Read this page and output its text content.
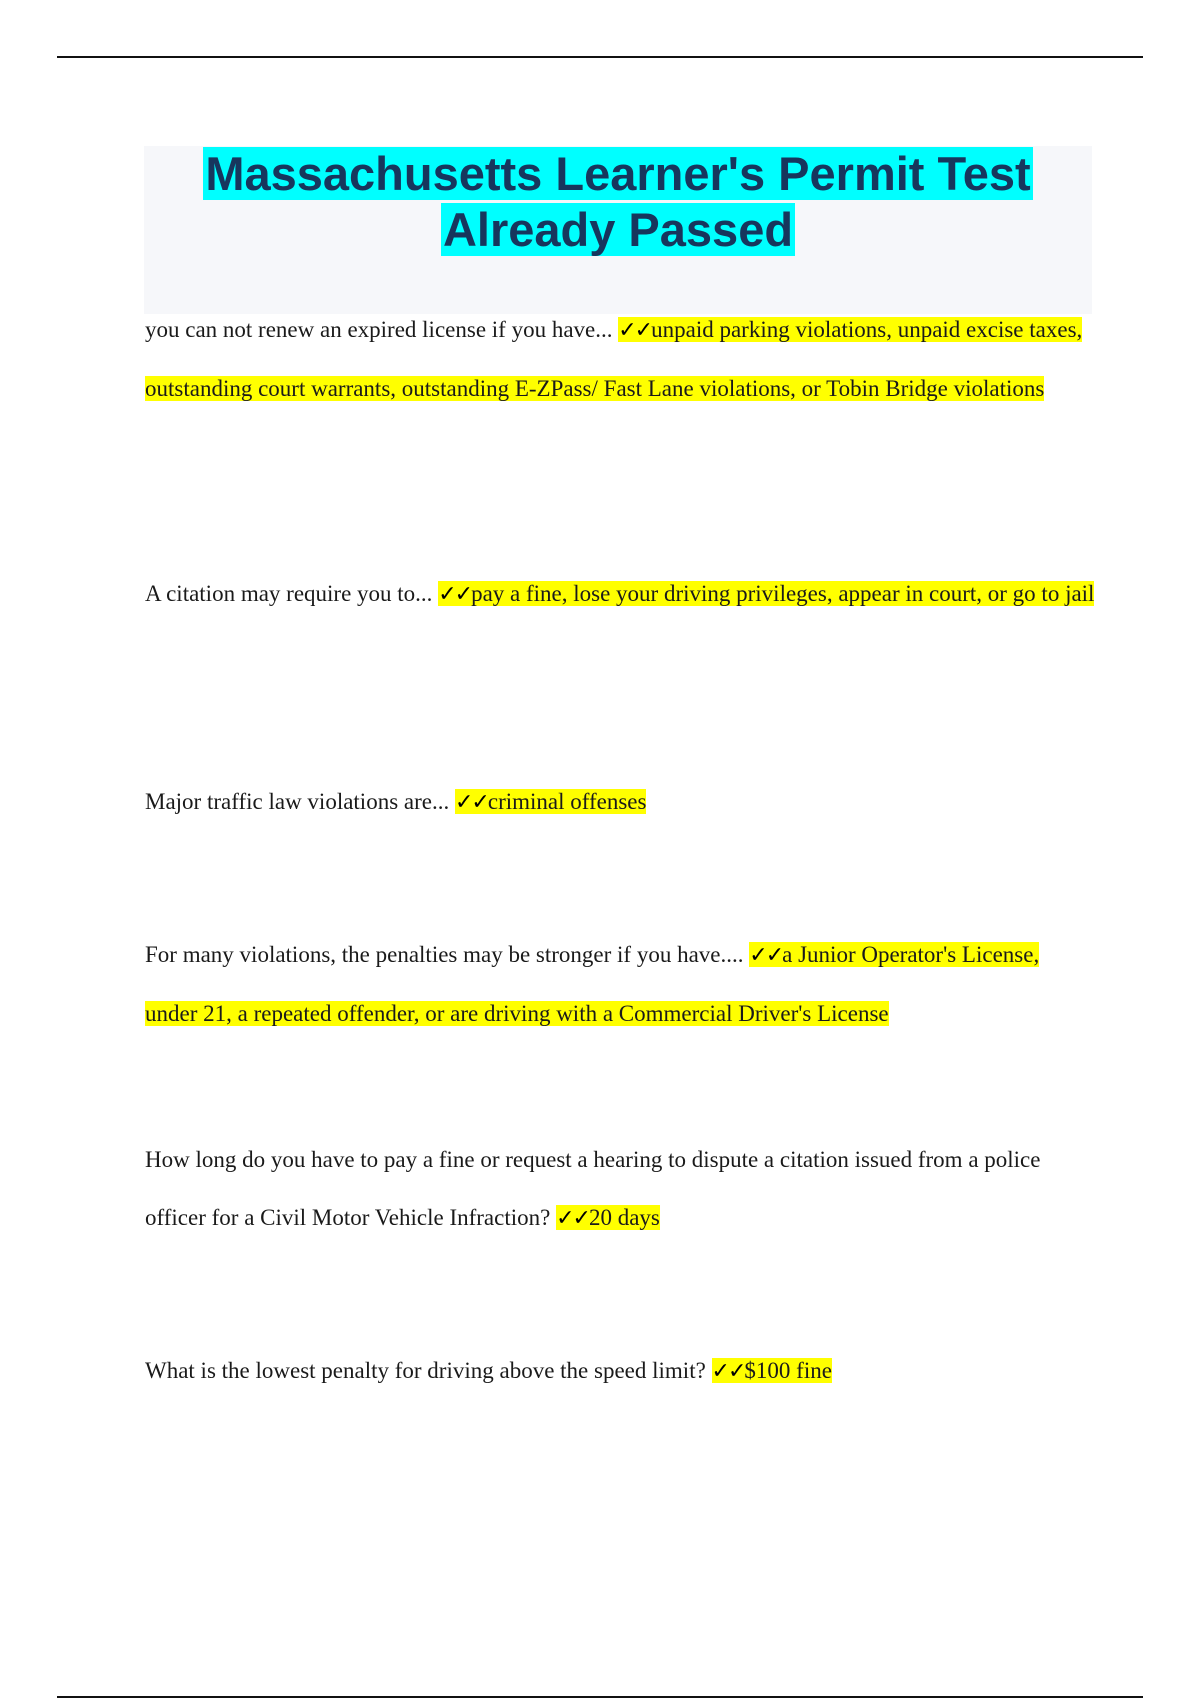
Massachusetts Learner's Permit Test
Already Passed

you can not renew an expired license if you have... ✓✓unpaid parking violations, unpaid excise taxes, outstanding court warrants, outstanding E-ZPass/ Fast Lane violations, or Tobin Bridge violations

A citation may require you to... ✓✓pay a fine, lose your driving privileges, appear in court, or go to jail

Major traffic law violations are... ✓✓criminal offenses

For many violations, the penalties may be stronger if you have.... ✓✓a Junior Operator's License, under 21, a repeated offender, or are driving with a Commercial Driver's License

How long do you have to pay a fine or request a hearing to dispute a citation issued from a police officer for a Civil Motor Vehicle Infraction? ✓✓20 days

What is the lowest penalty for driving above the speed limit? ✓✓$100 fine
